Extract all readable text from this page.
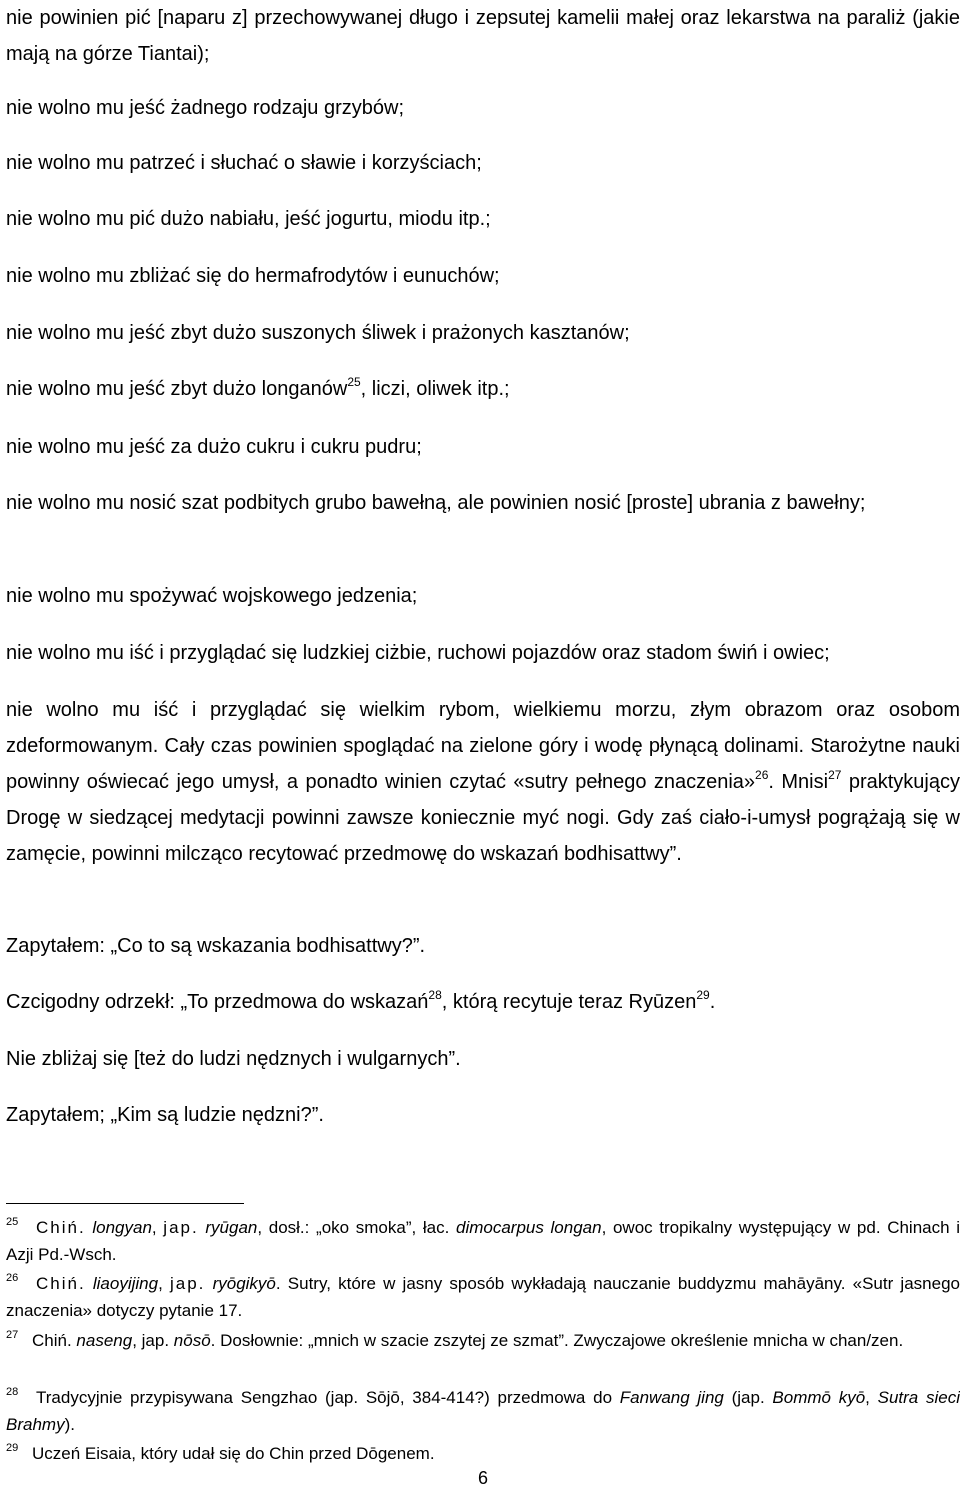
nie powinien pić [naparu z] przechowywanej długo i zepsutej kamelii małej oraz lekarstwa na paraliż (jakie mają na górze Tiantai);

nie wolno mu jeść żadnego rodzaju grzybów;

nie wolno mu patrzeć i słuchać o sławie i korzyściach;

nie wolno mu pić dużo nabiału, jeść jogurtu, miodu itp.;

nie wolno mu zbliżać się do hermafrodytów i eunuchów;

nie wolno mu jeść zbyt dużo suszonych śliwek i prażonych kasztanów;

nie wolno mu jeść zbyt dużo longanów$^{25}$, liczi, oliwek itp.;

nie wolno mu jeść za dużo cukru i cukru pudru;

nie wolno mu nosić szat podbitych grubo bawełną, ale powinien nosić [proste] ubrania z bawełny;

nie wolno mu spożywać wojskowego jedzenia;

nie wolno mu iść i przyglądać się ludzkiej ciżbie, ruchowi pojazdów oraz stadom świń i owiec;

nie wolno mu iść i przyglądać się wielkim rybom, wielkiemu morzu, złym obrazom oraz osobom zdeformowanym. Cały czas powinien spoglądać na zielone góry i wodę płynącą dolinami. Starożytne nauki powinny oświecać jego umysł, a ponadto winien czytać «sutry pełnego znaczenia»$^{26}$. Mnisi$^{27}$ praktykujący Drogę w siedzącej medytacji powinni zawsze koniecznie myć nogi. Gdy zaś ciało-i-umysł pogrążają się w zamęcie, powinni milcząco recytować przedmowę do wskazań bodhisattwy”.

Zapytałem: „Co to są wskazania bodhisattwy?”.

Czcigodny odrzekł: „To przedmowa do wskazań$^{28}$, którą recytuje teraz Ryūzen$^{29}$.

Nie zbliżaj się [też do ludzi nędznych i wulgarnych”.

Zapytałem; „Kim są ludzie nędzni?”.

25 Chiń. longyan, jap. ryūgan, dosł.: „oko smoka”, łac. dimocarpus longan, owoc tropikalny występujący w pd. Chinach i Azji Pd.-Wsch.

26 Chiń. liaoyijing, jap. ryōgikyō. Sutry, które w jasny sposób wykładają nauczanie buddyzmu mahāyāny. «Sutr jasnego znaczenia» dotyczy pytanie 17.

27 Chiń. naseng, jap. nōsō. Dosłownie: „mnich w szacie zszytej ze szmat”. Zwyczajowe określenie mnicha w chan/zen.

28 Tradycyjnie przypisywana Sengzhao (jap. Sōjō, 384-414?) przedmowa do Fanwang jing (jap. Bommō kyō, Sutra sieci Brahmy).

29 Uczeń Eisaia, który udał się do Chin przed Dōgenem.

6
